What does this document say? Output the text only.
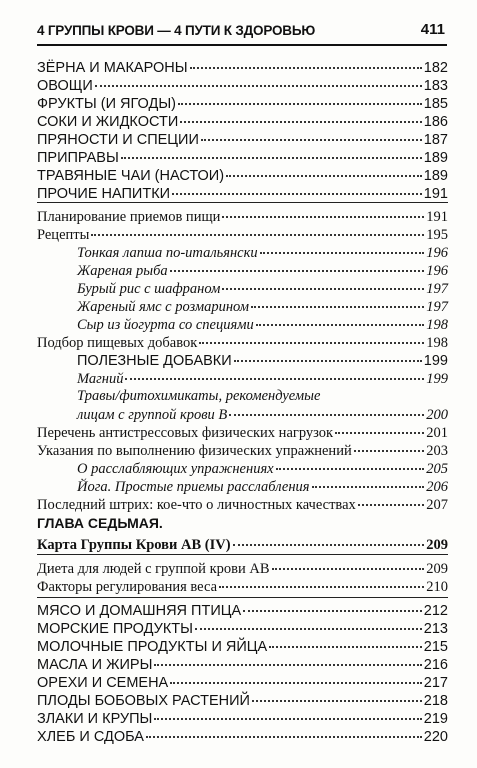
4 ГРУППЫ КРОВИ — 4 ПУТИ К ЗДОРОВЬЮ	411
ЗЁРНА И МАКАРОНЫ	182
ОВОЩИ	183
ФРУКТЫ (И ЯГОДЫ)	185
СОКИ И ЖИДКОСТИ	186
ПРЯНОСТИ И СПЕЦИИ	187
ПРИПРАВЫ	189
ТРАВЯНЫЕ ЧАИ (НАСТОИ)	189
ПРОЧИЕ НАПИТКИ	191
Планирование приемов пищи	191
Рецепты	195
Тонкая лапша по-итальянски	196
Жареная рыба	196
Бурый рис с шафраном	197
Жареный ямс с розмарином	197
Сыр из йогурта со специями	198
Подбор пищевых добавок	198
ПОЛЕЗНЫЕ ДОБАВКИ	199
Магний	199
Травы/фитохимикаты, рекомендуемые
лицам с группой крови В	200
Перечень антистрессовых физических нагрузок	201
Указания по выполнению физических упражнений	203
О расслабляющих упражнениях	205
Йога. Простые приемы расслабления	206
Последний штрих: кое-что о личностных качествах	207
ГЛАВА СЕДЬМАЯ.
Карта Группы Крови АВ (IV)	209
Диета для людей с группой крови АВ	209
Факторы регулирования веса	210
МЯСО И ДОМАШНЯЯ ПТИЦА	212
МОРСКИЕ ПРОДУКТЫ	213
МОЛОЧНЫЕ ПРОДУКТЫ И ЯЙЦА	215
МАСЛА И ЖИРЫ	216
ОРЕХИ И СЕМЕНА	217
ПЛОДЫ БОБОВЫХ РАСТЕНИЙ	218
ЗЛАКИ И КРУПЫ	219
ХЛЕБ И СДОБА	220
